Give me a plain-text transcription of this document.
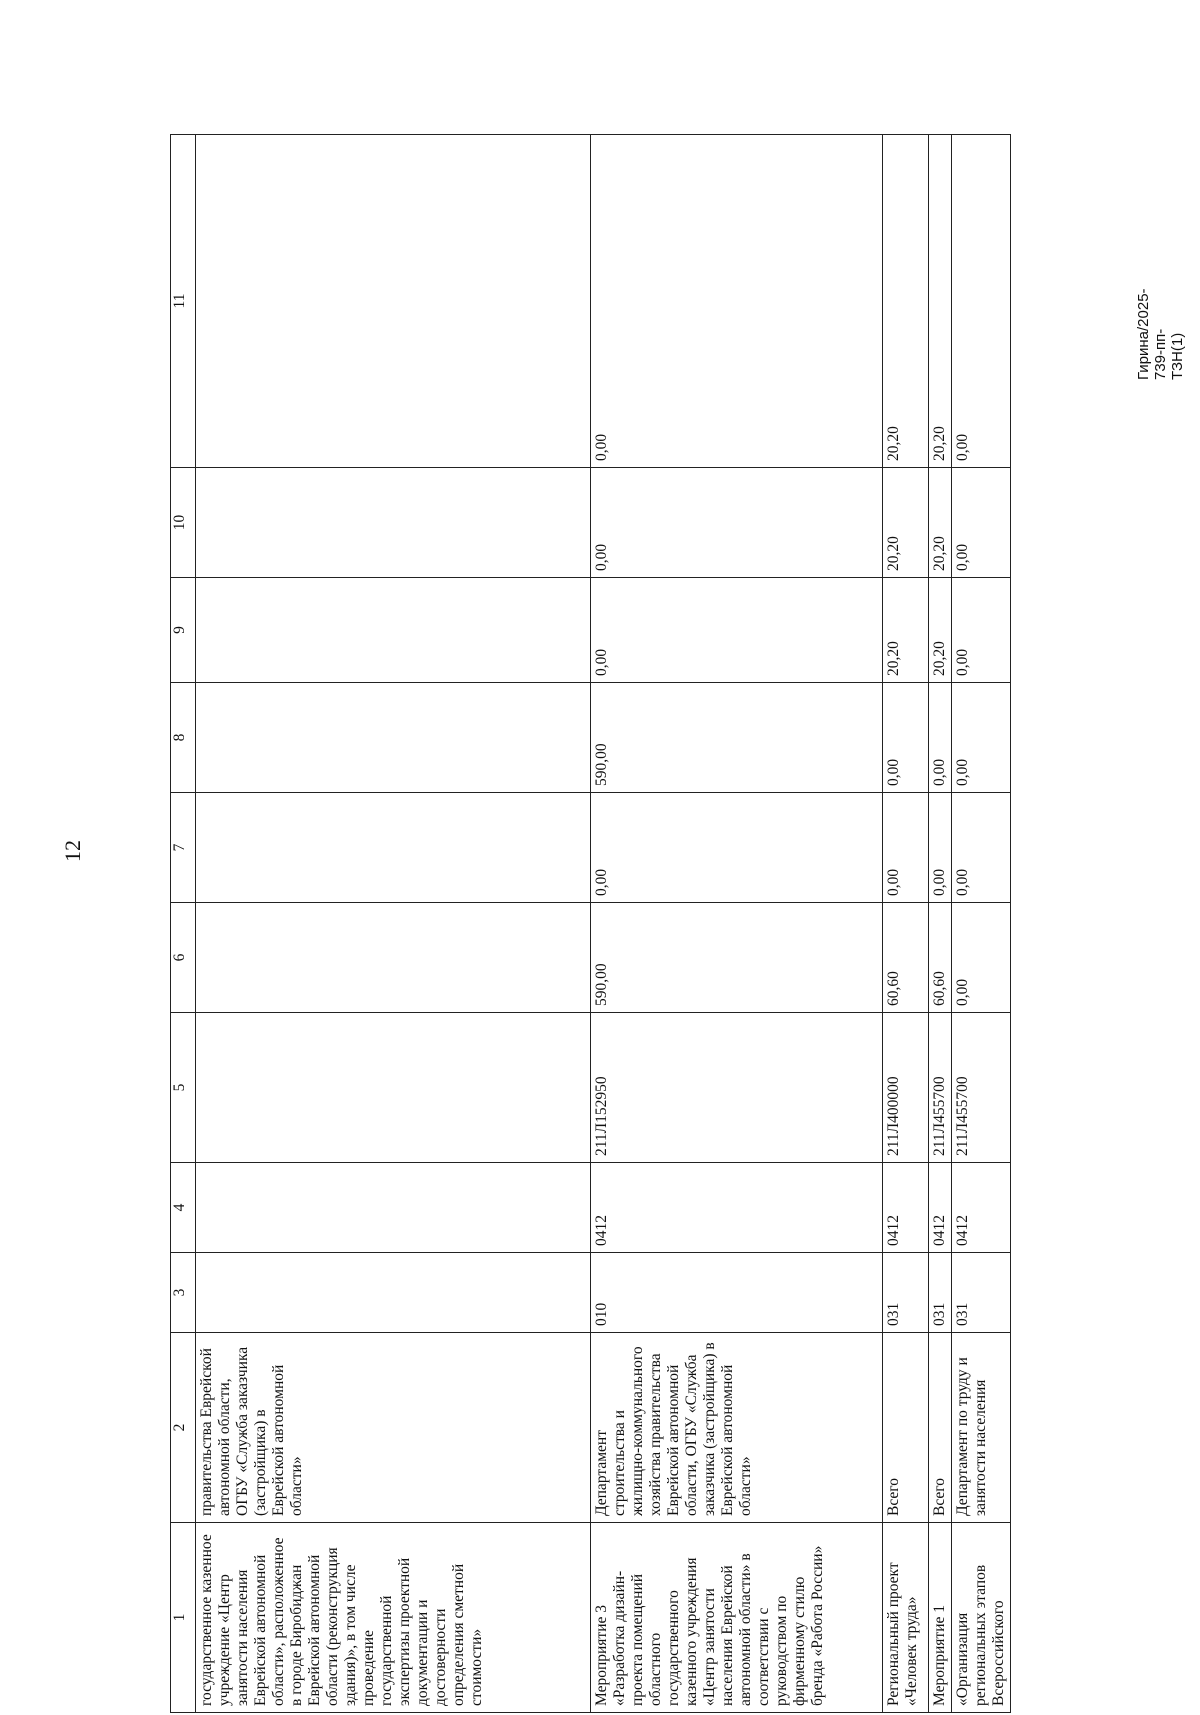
12
Гирина/2025-739-пп-ТЗН(1)
1	2	3	4	5	6	7	8	9	10	11
государственное казенное учреждение «Центр занятости населения Еврейской автономной области», расположенное в городе Биробиджан Еврейской автономной области (реконструкция здания)», в том числе проведение государственной экспертизы проектной документации и достоверности определения сметной стоимости»	правительства Еврейской автономной области, ОГБУ «Служба заказчика (застройщика) в Еврейской автономной области»									
Мероприятие 3 «Разработка дизайн-проекта помещений областного государственного казенного учреждения «Центр занятости населения Еврейской автономной области» в соответствии с руководством по фирменному стилю бренда «Работа России»	Департамент строительства и жилищно-коммунального хозяйства правительства Еврейской автономной области, ОГБУ «Служба заказчика (застройщика) в Еврейской автономной области»	010	0412	211Л152950	590,00	0,00	590,00	0,00	0,00	0,00
Региональный проект «Человек труда»	Всего	031	0412	211Л400000	60,60	0,00	0,00	20,20	20,20	20,20
Мероприятие 1	Всего	031	0412	211Л455700	60,60	0,00	0,00	20,20	20,20	20,20
«Организация региональных этапов Всероссийского	Департамент по труду и занятости населения	031	0412	211Л455700	0,00	0,00	0,00	0,00	0,00	0,00
